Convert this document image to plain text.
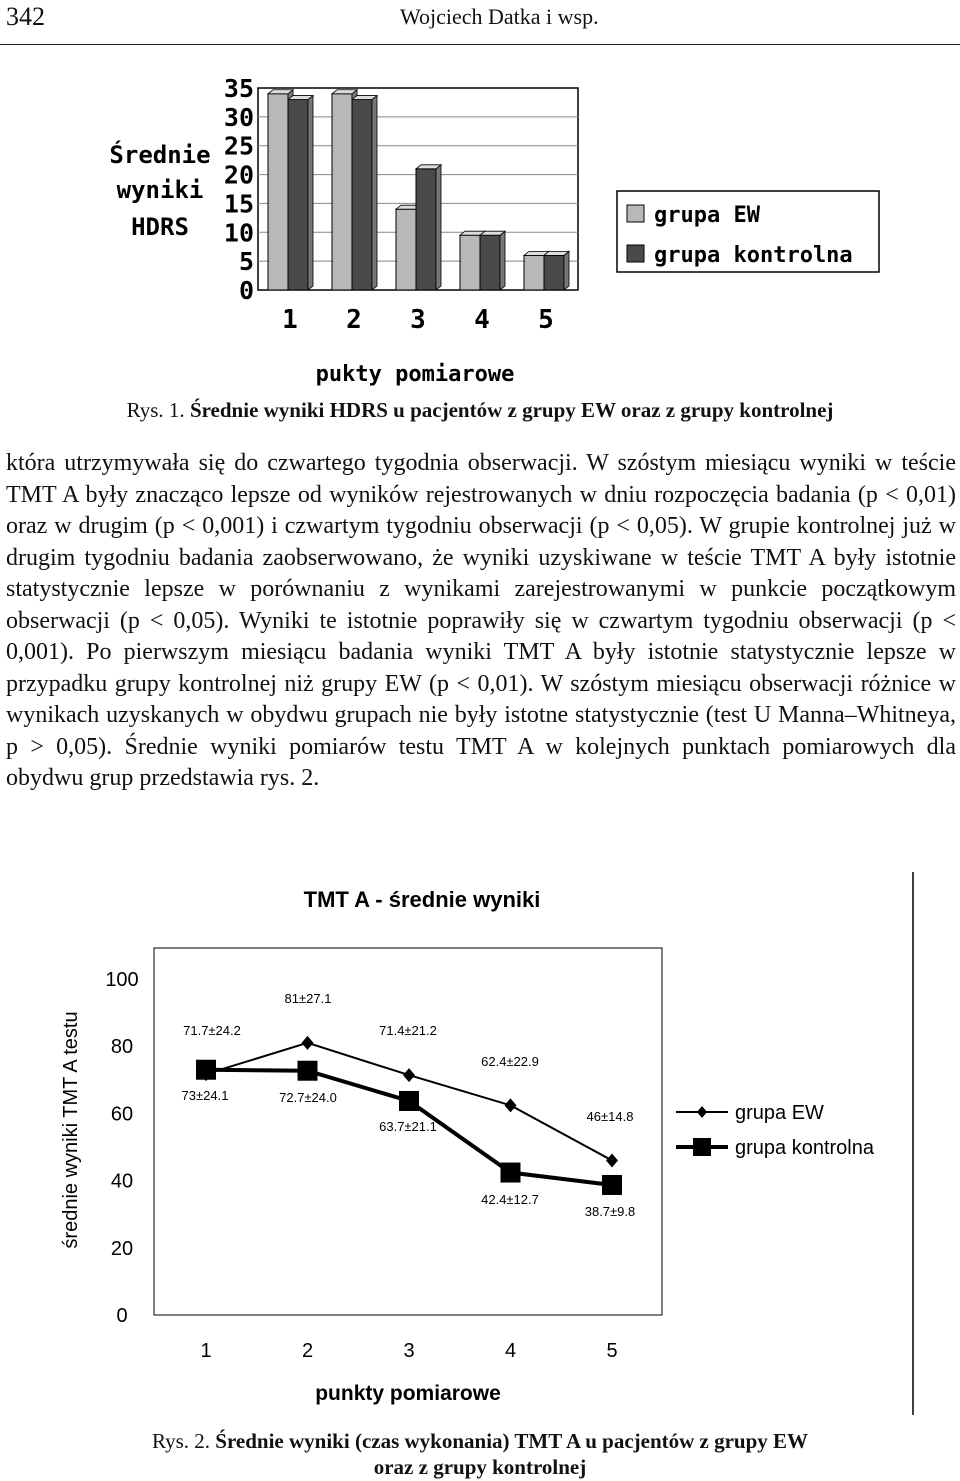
342	Wojciech Datka i wsp.
35
30
25
20
15
10
5
0
Średnie
wyniki
HDRS
1 2 3 4 5
pukty pomiarowe
grupa EW
grupa kontrolna
Rys. 1. Średnie wyniki HDRS u pacjentów z grupy EW oraz z grupy kontrolnej

która utrzymywała się do czwartego tygodnia obserwacji. W szóstym miesiącu wyniki w teście TMT A były znacząco lepsze od wyników rejestrowanych w dniu rozpoczęcia badania (p < 0,01) oraz w drugim (p < 0,001) i czwartym tygodniu obserwacji (p < 0,05). W grupie kontrolnej już w drugim tygodniu badania zaobserwowano, że wyniki uzyskiwane w teście TMT A były istotnie statystycznie lepsze w porównaniu z wynikami zarejestrowanymi w punkcie początkowym obserwacji (p < 0,05). Wyniki te istotnie poprawiły się w czwartym tygodniu obserwacji (p < 0,001). Po pierwszym miesiącu badania wyniki TMT A były istotnie statystycznie lepsze w przypadku grupy kontrolnej niż grupy EW (p < 0,01). W szóstym miesiącu obserwacji różnice w wynikach uzyskanych w obydwu grupach nie były istotne statystycznie (test U Manna–Whitneya, p > 0,05). Średnie wyniki pomiarów testu TMT A w kolejnych punktach pomiarowych dla obydwu grup przedstawia rys. 2.

TMT A - średnie wyniki
średnie wyniki TMT A testu
100
80
60
40
20
0
1	2	3	4	5
punkty pomiarowe
71.7±24.2
81±27.1
71.4±21.2
62.4±22.9
46±14.8
73±24.1	72.7±24.0
63.7±21.1
42.4±12.7
38.7±9.8
grupa EW
grupa kontrolna
Rys. 2. Średnie wyniki (czas wykonania) TMT A u pacjentów z grupy EW
oraz z grupy kontrolnej
